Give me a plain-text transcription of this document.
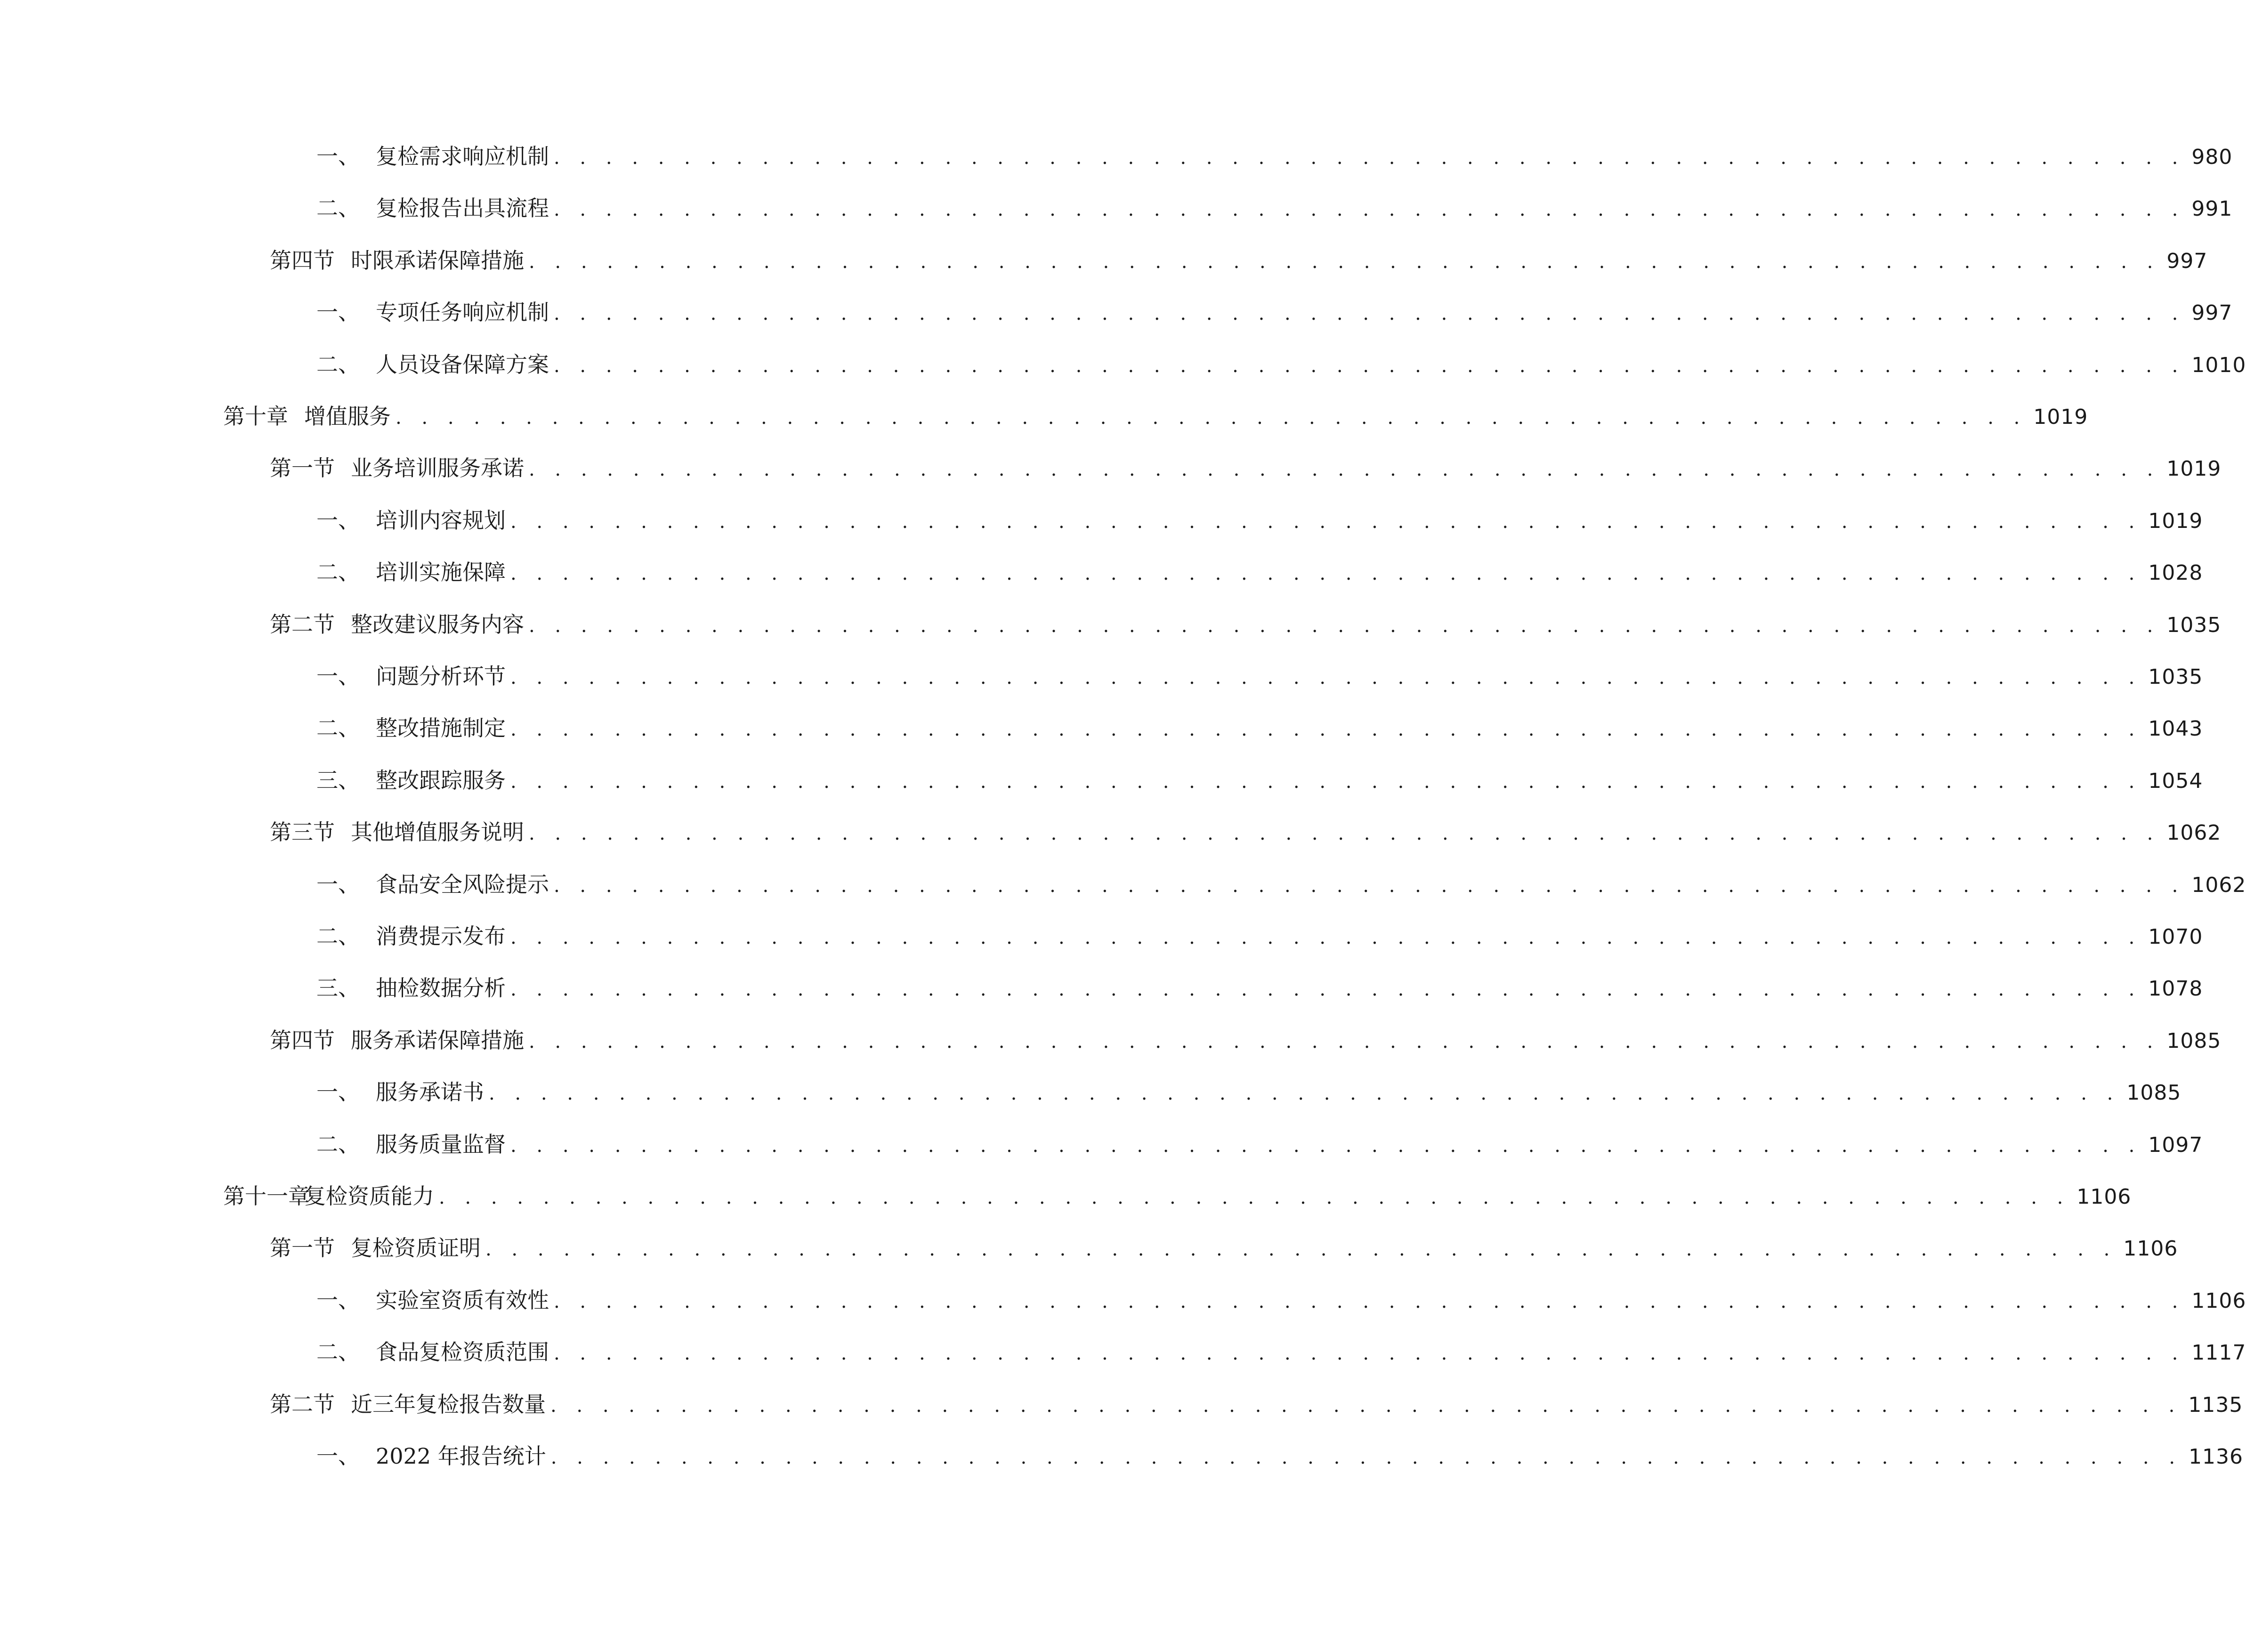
一、 复检需求响应机制 . . . . . . . . . . . . . . . . . . . . . . . . . . . . . . . . . . . . . . . . . . . . . . . . . . . . . . . . . . . . . . . 980
二、 复检报告出具流程 . . . . . . . . . . . . . . . . . . . . . . . . . . . . . . . . . . . . . . . . . . . . . . . . . . . . . . . . . . . . . . . 991
第四节 时限承诺保障措施 . . . . . . . . . . . . . . . . . . . . . . . . . . . . . . . . . . . . . . . . . . . . . . . . . . . . . . . . . . . . . . . 997
一、 专项任务响应机制 . . . . . . . . . . . . . . . . . . . . . . . . . . . . . . . . . . . . . . . . . . . . . . . . . . . . . . . . . . . . . . . 997
二、 人员设备保障方案 . . . . . . . . . . . . . . . . . . . . . . . . . . . . . . . . . . . . . . . . . . . . . . . . . . . . . . . . . . . . . . . 1010
第十章 增值服务 . . . . . . . . . . . . . . . . . . . . . . . . . . . . . . . . . . . . . . . . . . . . . . . . . . . . . . . . . . . . . . . 1019
第一节 业务培训服务承诺 . . . . . . . . . . . . . . . . . . . . . . . . . . . . . . . . . . . . . . . . . . . . . . . . . . . . . . . . . . . . . . . 1019
一、 培训内容规划 . . . . . . . . . . . . . . . . . . . . . . . . . . . . . . . . . . . . . . . . . . . . . . . . . . . . . . . . . . . . . . . 1019
二、 培训实施保障 . . . . . . . . . . . . . . . . . . . . . . . . . . . . . . . . . . . . . . . . . . . . . . . . . . . . . . . . . . . . . . . 1028
第二节 整改建议服务内容 . . . . . . . . . . . . . . . . . . . . . . . . . . . . . . . . . . . . . . . . . . . . . . . . . . . . . . . . . . . . . . . 1035
一、 问题分析环节 . . . . . . . . . . . . . . . . . . . . . . . . . . . . . . . . . . . . . . . . . . . . . . . . . . . . . . . . . . . . . . . 1035
二、 整改措施制定 . . . . . . . . . . . . . . . . . . . . . . . . . . . . . . . . . . . . . . . . . . . . . . . . . . . . . . . . . . . . . . . 1043
三、 整改跟踪服务 . . . . . . . . . . . . . . . . . . . . . . . . . . . . . . . . . . . . . . . . . . . . . . . . . . . . . . . . . . . . . . . 1054
第三节 其他增值服务说明 . . . . . . . . . . . . . . . . . . . . . . . . . . . . . . . . . . . . . . . . . . . . . . . . . . . . . . . . . . . . . . . 1062
一、 食品安全风险提示 . . . . . . . . . . . . . . . . . . . . . . . . . . . . . . . . . . . . . . . . . . . . . . . . . . . . . . . . . . . . . . . 1062
二、 消费提示发布 . . . . . . . . . . . . . . . . . . . . . . . . . . . . . . . . . . . . . . . . . . . . . . . . . . . . . . . . . . . . . . . 1070
三、 抽检数据分析 . . . . . . . . . . . . . . . . . . . . . . . . . . . . . . . . . . . . . . . . . . . . . . . . . . . . . . . . . . . . . . . 1078
第四节 服务承诺保障措施 . . . . . . . . . . . . . . . . . . . . . . . . . . . . . . . . . . . . . . . . . . . . . . . . . . . . . . . . . . . . . . . 1085
一、 服务承诺书 . . . . . . . . . . . . . . . . . . . . . . . . . . . . . . . . . . . . . . . . . . . . . . . . . . . . . . . . . . . . . . . 1085
二、 服务质量监督 . . . . . . . . . . . . . . . . . . . . . . . . . . . . . . . . . . . . . . . . . . . . . . . . . . . . . . . . . . . . . . . 1097
第十一章
复检资质能力 . . . . . . . . . . . . . . . . . . . . . . . . . . . . . . . . . . . . . . . . . . . . . . . . . . . . . . . . . . . . . . . 1106
第一节 复检资质证明 . . . . . . . . . . . . . . . . . . . . . . . . . . . . . . . . . . . . . . . . . . . . . . . . . . . . . . . . . . . . . . . 1106
一、 实验室资质有效性 . . . . . . . . . . . . . . . . . . . . . . . . . . . . . . . . . . . . . . . . . . . . . . . . . . . . . . . . . . . . . . . 1106
二、 食品复检资质范围 . . . . . . . . . . . . . . . . . . . . . . . . . . . . . . . . . . . . . . . . . . . . . . . . . . . . . . . . . . . . . . . 1117
第二节 近三年复检报告数量 . . . . . . . . . . . . . . . . . . . . . . . . . . . . . . . . . . . . . . . . . . . . . . . . . . . . . . . . . . . . . . . 1135
一、 2022 年报告统计 . . . . . . . . . . . . . . . . . . . . . . . . . . . . . . . . . . . . . . . . . . . . . . . . . . . . . . . . . . . . . . . 1136
